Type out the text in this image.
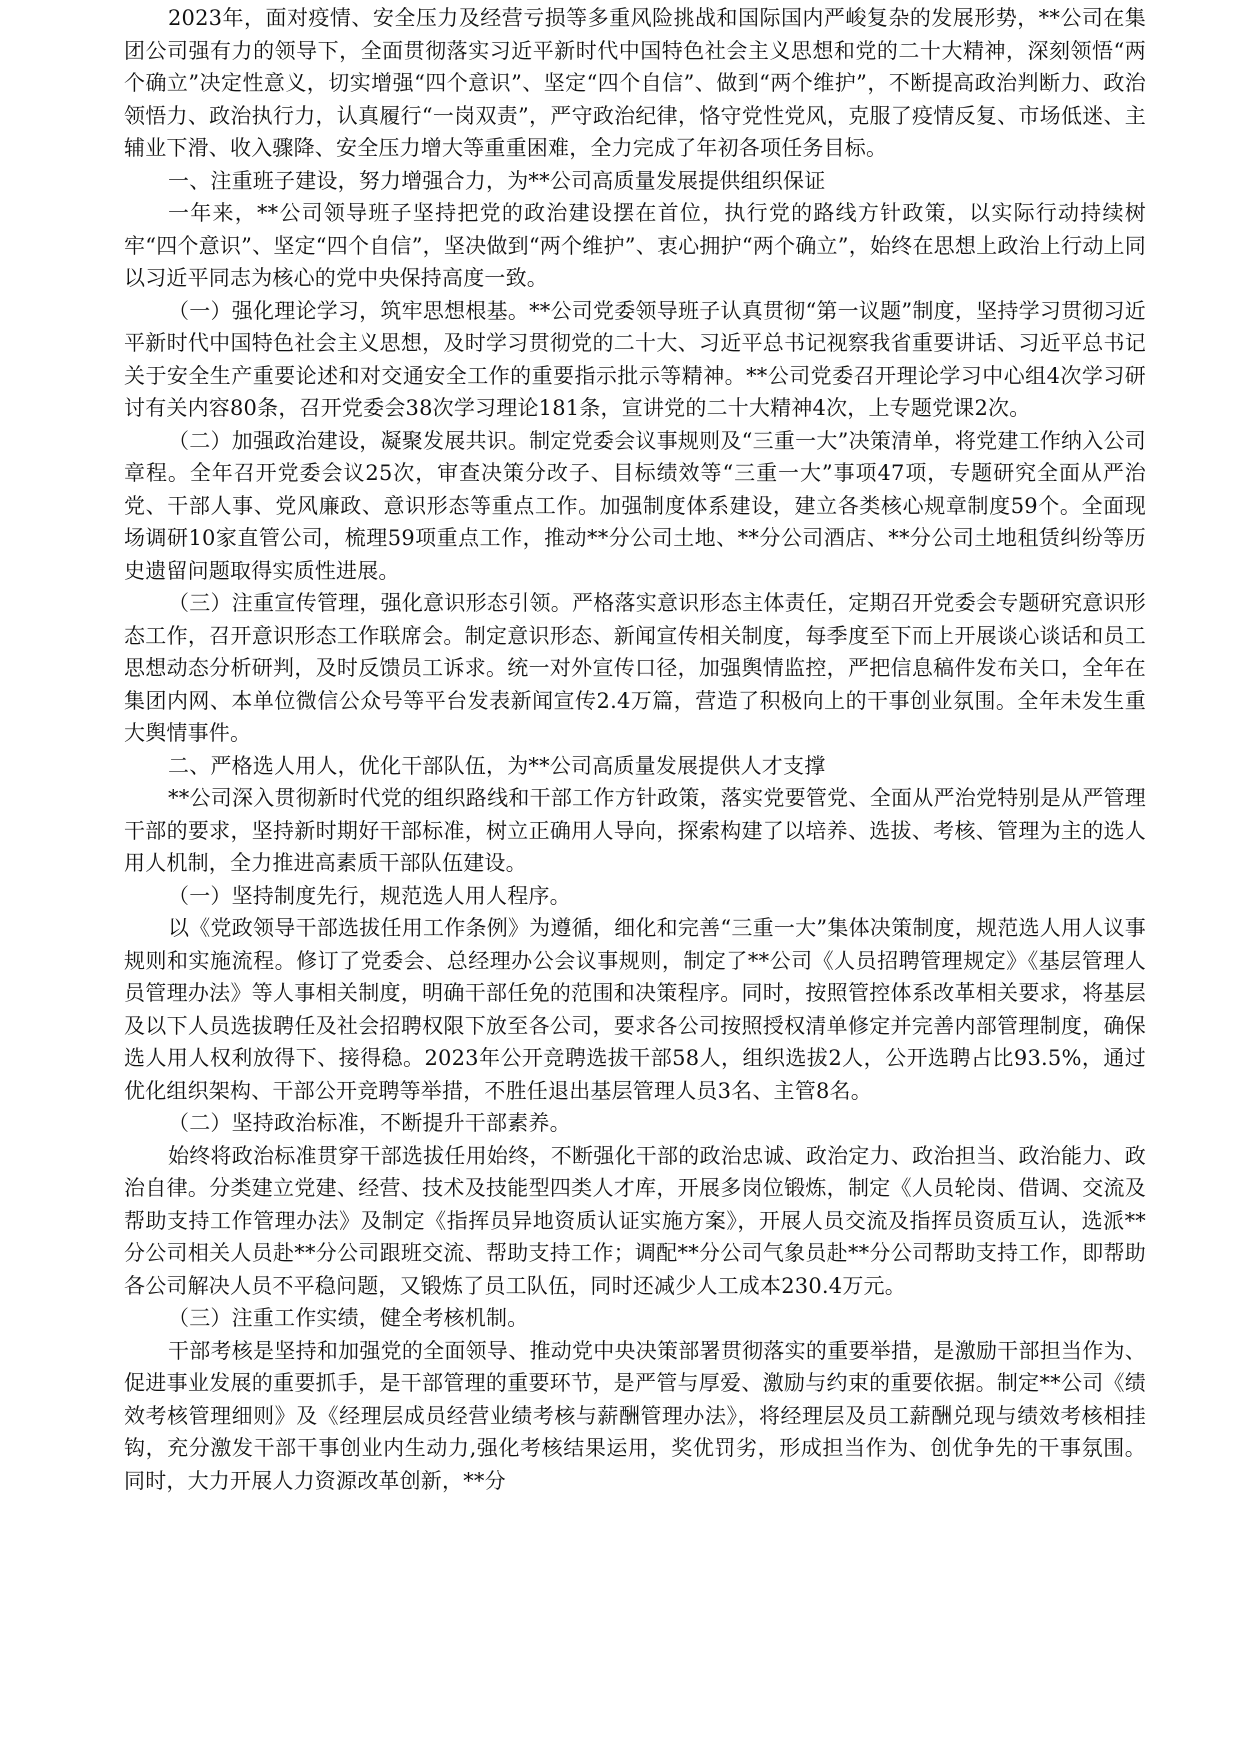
2023年，面对疫情、安全压力及经营亏损等多重风险挑战和国际国内严峻复杂的发展形势，**公司在集团公司强有力的领导下，全面贯彻落实习近平新时代中国特色社会主义思想和党的二十大精神，深刻领悟“两个确立”决定性意义，切实增强“四个意识”、坚定“四个自信”、做到“两个维护”，不断提高政治判断力、政治领悟力、政治执行力，认真履行“一岗双责”，严守政治纪律，恪守党性党风，克服了疫情反复、市场低迷、主辅业下滑、收入骤降、安全压力增大等重重困难，全力完成了年初各项任务目标。

一、注重班子建设，努力增强合力，为**公司高质量发展提供组织保证

一年来，**公司领导班子坚持把党的政治建设摆在首位，执行党的路线方针政策，以实际行动持续树牢“四个意识”、坚定“四个自信”，坚决做到“两个维护”、衷心拥护“两个确立”，始终在思想上政治上行动上同以习近平同志为核心的党中央保持高度一致。

（一）强化理论学习，筑牢思想根基。**公司党委领导班子认真贯彻“第一议题”制度，坚持学习贯彻习近平新时代中国特色社会主义思想，及时学习贯彻党的二十大、习近平总书记视察我省重要讲话、习近平总书记关于安全生产重要论述和对交通安全工作的重要指示批示等精神。**公司党委召开理论学习中心组4次学习研讨有关内容80条，召开党委会38次学习理论181条，宣讲党的二十大精神4次，上专题党课2次。

（二）加强政治建设，凝聚发展共识。制定党委会议事规则及“三重一大”决策清单，将党建工作纳入公司章程。全年召开党委会议25次，审查决策分改子、目标绩效等“三重一大”事项47项，专题研究全面从严治党、干部人事、党风廉政、意识形态等重点工作。加强制度体系建设，建立各类核心规章制度59个。全面现场调研10家直管公司，梳理59项重点工作，推动**分公司土地、**分公司酒店、**分公司土地租赁纠纷等历史遗留问题取得实质性进展。

（三）注重宣传管理，强化意识形态引领。严格落实意识形态主体责任，定期召开党委会专题研究意识形态工作，召开意识形态工作联席会。制定意识形态、新闻宣传相关制度，每季度至下而上开展谈心谈话和员工思想动态分析研判，及时反馈员工诉求。统一对外宣传口径，加强舆情监控，严把信息稿件发布关口，全年在集团内网、本单位微信公众号等平台发表新闻宣传2.4万篇，营造了积极向上的干事创业氛围。全年未发生重大舆情事件。

二、严格选人用人，优化干部队伍，为**公司高质量发展提供人才支撑

**公司深入贯彻新时代党的组织路线和干部工作方针政策，落实党要管党、全面从严治党特别是从严管理干部的要求，坚持新时期好干部标准，树立正确用人导向，探索构建了以培养、选拔、考核、管理为主的选人用人机制，全力推进高素质干部队伍建设。

（一）坚持制度先行，规范选人用人程序。

以《党政领导干部选拔任用工作条例》为遵循，细化和完善“三重一大”集体决策制度，规范选人用人议事规则和实施流程。修订了党委会、总经理办公会议事规则，制定了**公司《人员招聘管理规定》《基层管理人员管理办法》等人事相关制度，明确干部任免的范围和决策程序。同时，按照管控体系改革相关要求，将基层及以下人员选拔聘任及社会招聘权限下放至各公司，要求各公司按照授权清单修定并完善内部管理制度，确保选人用人权利放得下、接得稳。2023年公开竞聘选拔干部58人，组织选拔2人，公开选聘占比93.5%，通过优化组织架构、干部公开竞聘等举措，不胜任退出基层管理人员3名、主管8名。

（二）坚持政治标准，不断提升干部素养。

始终将政治标准贯穿干部选拔任用始终，不断强化干部的政治忠诚、政治定力、政治担当、政治能力、政治自律。分类建立党建、经营、技术及技能型四类人才库，开展多岗位锻炼，制定《人员轮岗、借调、交流及帮助支持工作管理办法》及制定《指挥员异地资质认证实施方案》，开展人员交流及指挥员资质互认，选派**分公司相关人员赴**分公司跟班交流、帮助支持工作；调配**分公司气象员赴**分公司帮助支持工作，即帮助各公司解决人员不平稳问题，又锻炼了员工队伍，同时还减少人工成本230.4万元。

（三）注重工作实绩，健全考核机制。

干部考核是坚持和加强党的全面领导、推动党中央决策部署贯彻落实的重要举措，是激励干部担当作为、促进事业发展的重要抓手，是干部管理的重要环节，是严管与厚爱、激励与约束的重要依据。制定**公司《绩效考核管理细则》及《经理层成员经营业绩考核与薪酬管理办法》，将经理层及员工薪酬兑现与绩效考核相挂钩，充分激发干部干事创业内生动力,强化考核结果运用，奖优罚劣，形成担当作为、创优争先的干事氛围。同时，大力开展人力资源改革创新，**分
